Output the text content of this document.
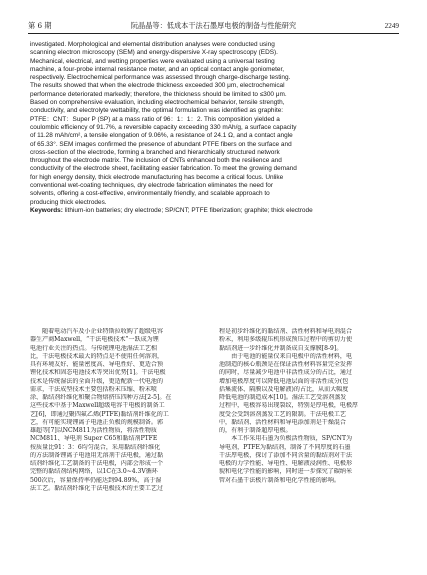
第 6 期	阮晶晶等：低成本干法石墨厚电极的制备与性能研究	2249
investigated. Morphological and elemental distribution analyses were conducted using
scanning electron microscopy (SEM) and energy-dispersive X-ray spectroscopy (EDS).
Mechanical, electrical, and wetting properties were evaluated using a universal testing
machine, a four-probe internal resistance meter, and an optical contact angle goniometer,
respectively. Electrochemical performance was assessed through charge-discharge testing.
The results showed that when the electrode thickness exceeded 300 μm, electrochemical
performance deteriorated markedly; therefore, the thickness should be limited to ≤300 μm.
Based on comprehensive evaluation, including electrochemical behavior, tensile strength,
conductivity, and electrolyte wettability, the optimal formulation was identified as graphite:
PTFE：CNT：Super P (SP) at a mass ratio of 96：1：1：2. This composition yielded a
coulombic efficiency of 91.7%, a reversible capacity exceeding 330 mAh/g, a surface capacity
of 11.28 mAh/cm², a tensile elongation of 9.06%, a resistance of 24.1 Ω, and a contact angle
of 65.33°. SEM images confirmed the presence of abundant PTFE fibers on the surface and
cross-section of the electrode, forming a branched and hierarchically structured network
throughout the electrode matrix. The inclusion of CNTs enhanced both the resilience and
conductivity of the electrode sheet, facilitating easier fabrication. To meet the growing demand
for high energy density, thick electrode manufacturing has become a critical focus. Unlike
conventional wet-coating techniques, dry electrode fabrication eliminates the need for
solvents, offering a cost-effective, environmentally friendly, and scalable approach to
producing thick electrodes.
Keywords: lithium-ion batteries; dry electrode; SP/CNT; PTFE fiberization; graphite; thick electrode
　　随着电动汽车及小企业特斯拉收购了超级电容
器生产商Maxwell，“干法电极技术”一跃成为锂
电池行业关注的热点。与传统锂电池湿法工艺相
比，干法电极技术最大的特点是不使用任何溶剂，
具有环境友好、能量密度高、导电性好、更适合预
锂化技术和固态电池技术等突出优势[1]。干法电极
技术是传统湿法的全面升级，更适配新一代电池的
需求，干法成型技术主要包括粉末压缩、粉末喷
涂、黏结剂纤维化和聚合物熔挤压四种方法[2-5]。在
这些技术中基于Maxwell超级电容干电极的制备工
艺[6]，即通过聚四氟乙烯(PTFE)黏结剂纤维化的工
艺，有可能实现锂离子电池正负极的规模制备。郭
雄超等[7]以NCM811为活性物质，将活性物质
NCM811、导电剂 Super C65和黏结剂PTFE
按质量比91：3：6均匀混合，采用黏结剂纤维化
的方法制备锂离子电池用无溶剂干法电极，通过黏
结剂纤维化工艺制备的干法电极，内部会形成一个
完整的黏结剂结构网络，以1C在3.0~4.3V循环
500次后，容量保持率仍能达到94.89%，高于湿
法工艺。黏结剂纤维化干法电极技术的主要工艺过
程是初步纤维化的黏结剂、活性材料和导电剂混合
粉末，利用多级辊压机形成预压过程中的剪切力使
黏结剂进一步纤维化并制备成自支撑膜[8-9]。
　　由于电池的能量仅来自电极中的活性材料，电
池制造的核心瓶颈是在保证活性材料容量完全发挥
的同时，尽量减少电池中非活性成分的占比，通过
增加电极厚度可以降低电池层面的非活性成分(包
括集流体、隔膜以及电解液)的占比，从而大幅度
降低电池的制造成本[10]。湿法工艺受溶剂蒸发
过程中，电极容易出现裂纹，特别是厚电极，电极厚
度受会受到溶剂蒸发工艺的限制。干法电极工艺
中，黏结剂、活性材料和导电添加剂是干燥混合
的，有利于制备超厚电极。
　　本工作采用石墨为负极活性物质，SP/CNT为
导电剂，PTFE为黏结剂，制备了不同厚度的石墨
干法厚电极，探讨了添加不同含量的黏结剂对干法
电极的力学性能、导电性、电解液浸润性、电极形
貌和电化学性能的影响，同时进一步探究了碳纳米
管对石墨干法极片制备和电化学性能的影响。
